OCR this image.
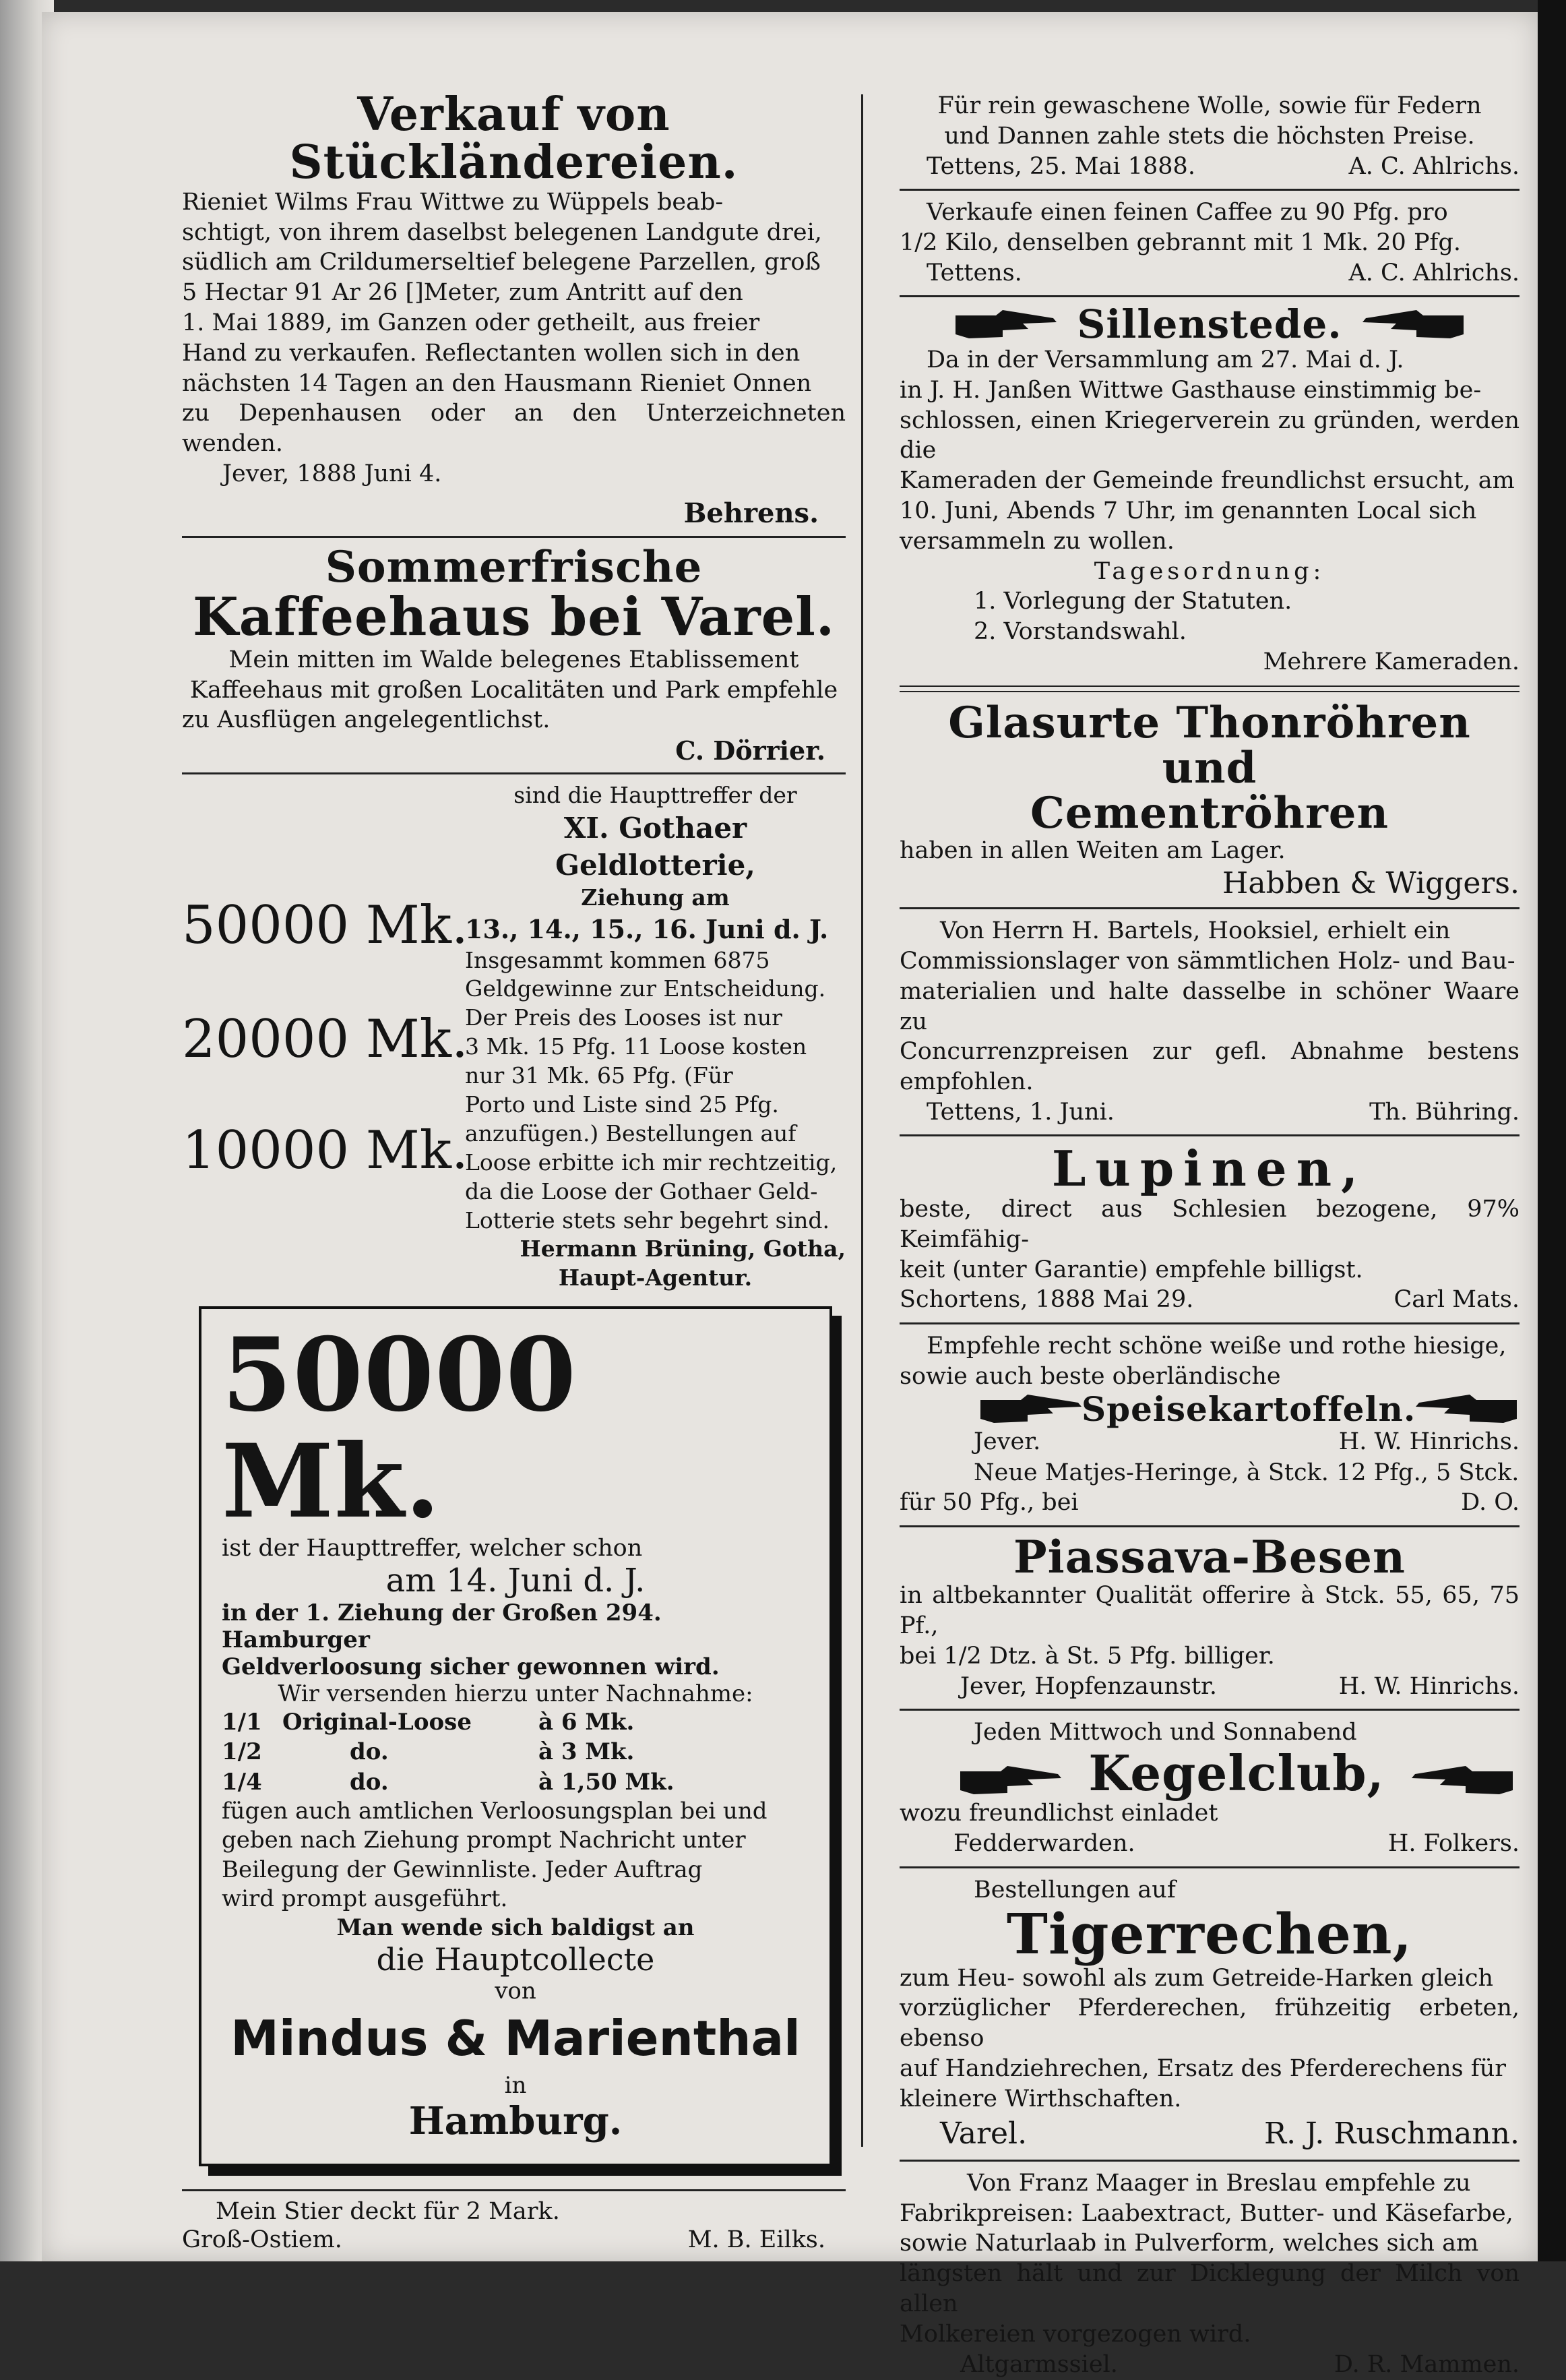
Verkauf von Stückländereien.
Rieniet Wilms Frau Wittwe zu Wüppels beab-
schtigt, von ihrem daselbst belegenen Landgute drei,
südlich am Crildumerseltief belegene Parzellen, groß
5 Hectar 91 Ar 26 []Meter, zum Antritt auf den
1. Mai 1889, im Ganzen oder getheilt, aus freier
Hand zu verkaufen. Reflectanten wollen sich in den
nächsten 14 Tagen an den Hausmann Rieniet Onnen
zu Depenhausen oder an den Unterzeichneten wenden.
Jever, 1888 Juni 4.
Behrens.
Sommerfrische
Kaffeehaus bei Varel.
Mein mitten im Walde belegenes Etablissement
Kaffeehaus mit großen Localitäten und Park empfehle
zu Ausflügen angelegentlichst.
C. Dörrier.
50000 Mk.
20000 Mk.
10000 Mk.
sind die Haupttreffer der
XI. Gothaer Geldlotterie,
Ziehung am
13., 14., 15., 16. Juni d. J.
Insgesammt kommen 6875
Geldgewinne zur Entscheidung.
Der Preis des Looses ist nur
3 Mk. 15 Pfg. 11 Loose kosten
nur 31 Mk. 65 Pfg. (Für
Porto und Liste sind 25 Pfg.
anzufügen.) Bestellungen auf
Loose erbitte ich mir rechtzeitig,
da die Loose der Gothaer Geld-
Lotterie stets sehr begehrt sind.
Hermann Brüning, Gotha,
Haupt-Agentur.
50000 Mk.
ist der Haupttreffer, welcher schon
am 14. Juni d. J.
in der 1. Ziehung der Großen 294. Hamburger
Geldverloosung sicher gewonnen wird.
Wir versenden hierzu unter Nachnahme:
1/1 Original-Loose	à 6 Mk.
1/2	do.	à 3 Mk.
1/4	do.	à 1,50 Mk.
fügen auch amtlichen Verloosungsplan bei und
geben nach Ziehung prompt Nachricht unter
Beilegung der Gewinnliste. Jeder Auftrag
wird prompt ausgeführt.
Man wende sich baldigst an
die Hauptcollecte
von
Mindus & Marienthal
in
Hamburg.
Mein Stier deckt für 2 Mark.
Groß-Ostiem.	M. B. Eilks.
Für rein gewaschene Wolle, sowie für Federn
und Dannen zahle stets die höchsten Preise.
Tettens, 25. Mai 1888.	A. C. Ahlrichs.
Verkaufe einen feinen Caffee zu 90 Pfg. pro
1/2 Kilo, denselben gebrannt mit 1 Mk. 20 Pfg.
Tettens.	A. C. Ahlrichs.
Sillenstede.
Da in der Versammlung am 27. Mai d. J.
in J. H. Janßen Wittwe Gasthause einstimmig be-
schlossen, einen Kriegerverein zu gründen, werden die
Kameraden der Gemeinde freundlichst ersucht, am
10. Juni, Abends 7 Uhr, im genannten Local sich
versammeln zu wollen.
Tagesordnung:
1. Vorlegung der Statuten.
2. Vorstandswahl.
Mehrere Kameraden.
Glasurte Thonröhren und
Cementröhren
haben in allen Weiten am Lager.
Habben & Wiggers.
Von Herrn H. Bartels, Hooksiel, erhielt ein
Commissionslager von sämmtlichen Holz- und Bau-
materialien und halte dasselbe in schöner Waare zu
Concurrenzpreisen zur gefl. Abnahme bestens empfohlen.
Tettens, 1. Juni.	Th. Bühring.
Lupinen,
beste, direct aus Schlesien bezogene, 97% Keimfähig-
keit (unter Garantie) empfehle billigst.
Schortens, 1888 Mai 29.	Carl Mats.
Empfehle recht schöne weiße und rothe hiesige,
sowie auch beste oberländische
Speisekartoffeln.
Jever.	H. W. Hinrichs.
Neue Matjes-Heringe, à Stck. 12 Pfg., 5 Stck.
für 50 Pfg., bei	D. O.
Piassava-Besen
in altbekannter Qualität offerire à Stck. 55, 65, 75 Pf.,
bei 1/2 Dtz. à St. 5 Pfg. billiger.
Jever, Hopfenzaunstr.	H. W. Hinrichs.
Jeden Mittwoch und Sonnabend
Kegelclub,
wozu freundlichst einladet
Fedderwarden.	H. Folkers.
Bestellungen auf
Tigerrechen,
zum Heu- sowohl als zum Getreide-Harken gleich
vorzüglicher Pferderechen, frühzeitig erbeten, ebenso
auf Handziehrechen, Ersatz des Pferderechens für
kleinere Wirthschaften.
Varel.	R. J. Ruschmann.
Von Franz Maager in Breslau empfehle zu
Fabrikpreisen: Laabextract, Butter- und Käsefarbe,
sowie Naturlaab in Pulverform, welches sich am
längsten hält und zur Dicklegung der Milch von allen
Molkereien vorgezogen wird.
Altgarmssiel.	D. R. Mammen.
